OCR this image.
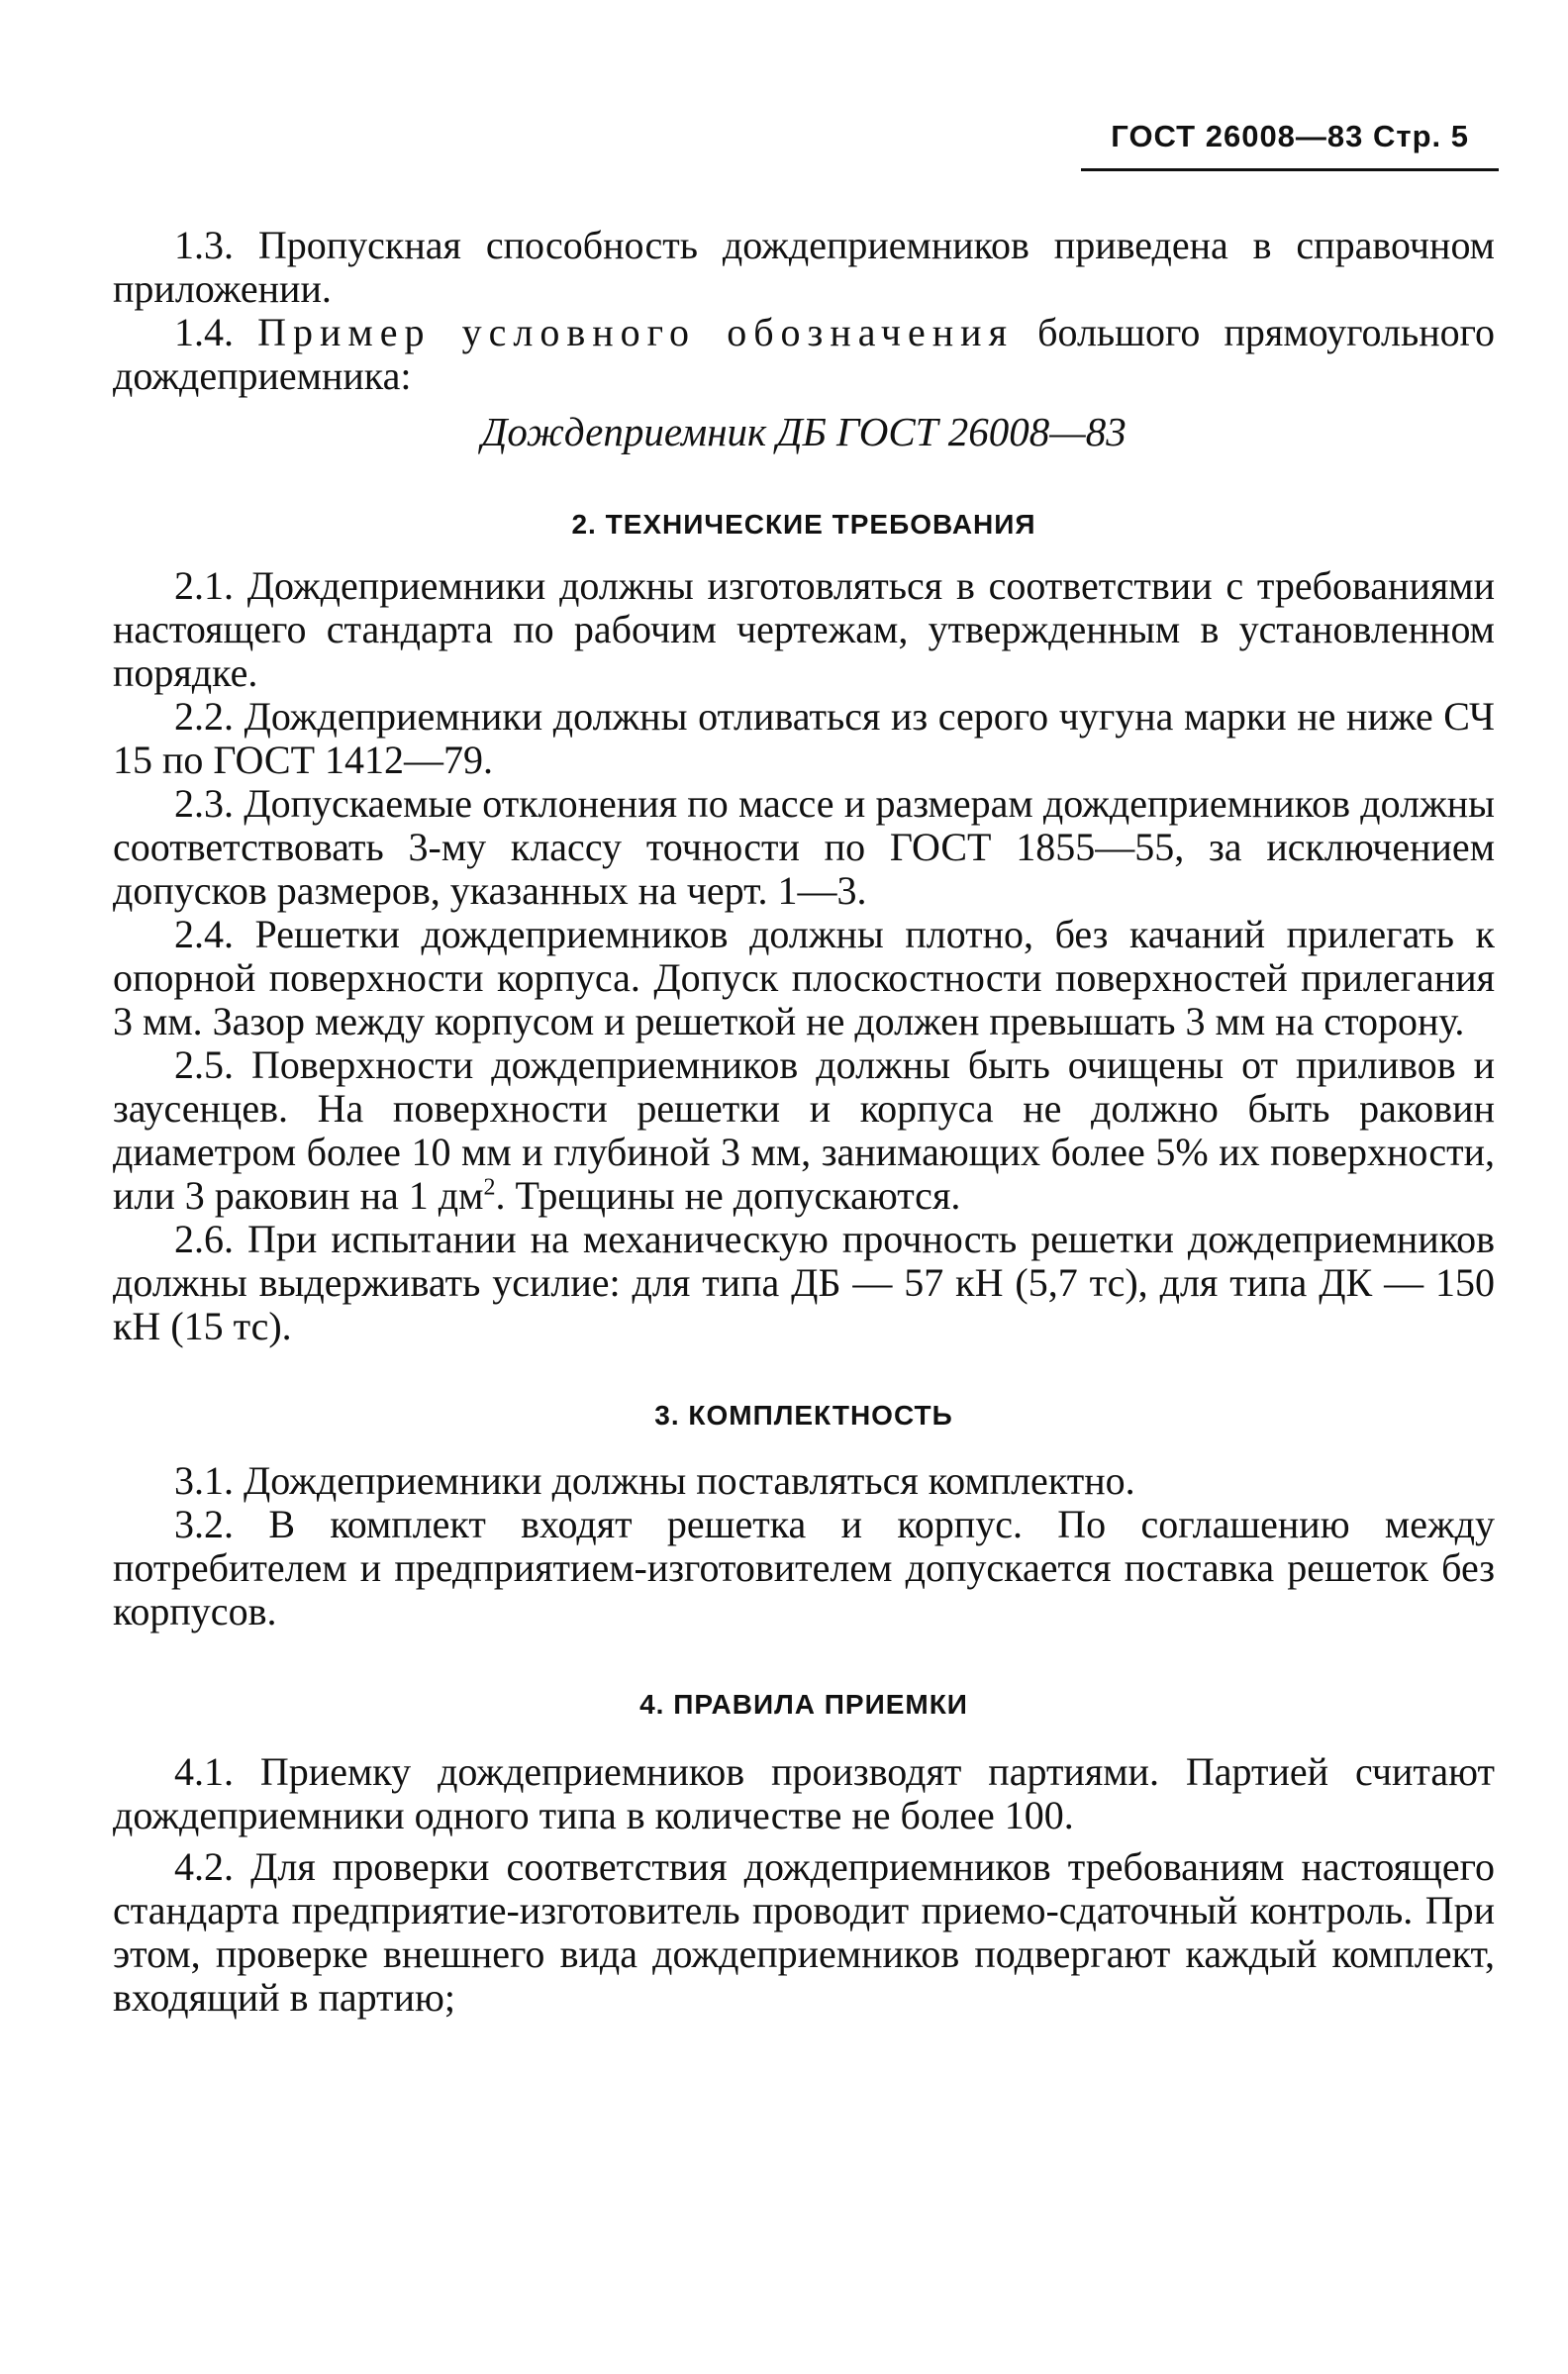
ГОСТ 26008—83 Стр. 5

1.3. Пропускная способность дождеприемников приведена в справочном приложении.

1.4. Пример условного обозначения большого прямоугольного дождеприемника:

Дождеприемник ДБ ГОСТ 26008—83

2. ТЕХНИЧЕСКИЕ ТРЕБОВАНИЯ

2.1. Дождеприемники должны изготовляться в соответствии с требованиями настоящего стандарта по рабочим чертежам, утвержденным в установленном порядке.

2.2. Дождеприемники должны отливаться из серого чугуна марки не ниже СЧ 15 по ГОСТ 1412—79.

2.3. Допускаемые отклонения по массе и размерам дождеприемников должны соответствовать 3-му классу точности по ГОСТ 1855—55, за исключением допусков размеров, указанных на черт. 1—3.

2.4. Решетки дождеприемников должны плотно, без качаний прилегать к опорной поверхности корпуса. Допуск плоскостности поверхностей прилегания 3 мм. Зазор между корпусом и решеткой не должен превышать 3 мм на сторону.

2.5. Поверхности дождеприемников должны быть очищены от приливов и заусенцев. На поверхности решетки и корпуса не должно быть раковин диаметром более 10 мм и глубиной 3 мм, занимающих более 5% их поверхности, или 3 раковин на 1 $дм^2$. Трещины не допускаются.

2.6. При испытании на механическую прочность решетки дождеприемников должны выдерживать усилие: для типа ДБ — 57 кН (5,7 тс), для типа ДК — 150 кН (15 тс).

3. КОМПЛЕКТНОСТЬ

3.1. Дождеприемники должны поставляться комплектно.

3.2. В комплект входят решетка и корпус. По соглашению между потребителем и предприятием-изготовителем допускается поставка решеток без корпусов.

4. ПРАВИЛА ПРИЕМКИ

4.1. Приемку дождеприемников производят партиями. Партией считают дождеприемники одного типа в количестве не более 100.

4.2. Для проверки соответствия дождеприемников требованиям настоящего стандарта предприятие-изготовитель проводит приемо-сдаточный контроль. При этом, проверке внешнего вида дождеприемников подвергают каждый комплект, входящий в партию;
